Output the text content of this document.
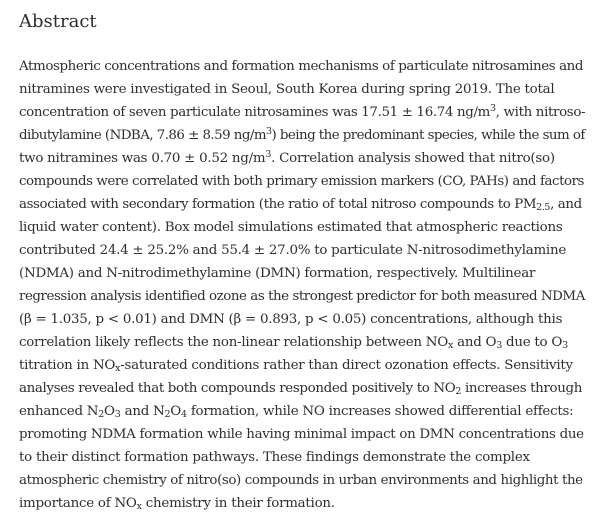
Abstract
Atmospheric concentrations and formation mechanisms of particulate nitrosamines and
nitramines were investigated in Seoul, South Korea during spring 2019. The total
concentration of seven particulate nitrosamines was 17.51 ± 16.74 $ng/m^3$, with nitroso-
dibutylamine (NDBA, 7.86 ± 8.59 $ng/m^3$) being the predominant species, while the sum of
two nitramines was 0.70 ± 0.52 $ng/m^3$. Correlation analysis showed that nitro(so)
compounds were correlated with both primary emission markers (CO, PAHs) and factors
associated with secondary formation (the ratio of total nitroso compounds to $PM_{2.5}$, and
liquid water content). Box model simulations estimated that atmospheric reactions
contributed 24.4 ± 25.2% and 55.4 ± 27.0% to particulate N-nitrosodimethylamine
(NDMA) and N-nitrodimethylamine (DMN) formation, respectively. Multilinear
regression analysis identified ozone as the strongest predictor for both measured NDMA
(β = 1.035, p < 0.01) and DMN (β = 0.893, p < 0.05) concentrations, although this
correlation likely reflects the non-linear relationship between $NO_x$ and $O_3$ due to $O_3$
titration in $NO_x$-saturated conditions rather than direct ozonation effects. Sensitivity
analyses revealed that both compounds responded positively to $NO_2$ increases through
enhanced $N_2O_3$ and $N_2O_4$ formation, while NO increases showed differential effects:
promoting NDMA formation while having minimal impact on DMN concentrations due
to their distinct formation pathways. These findings demonstrate the complex
atmospheric chemistry of nitro(so) compounds in urban environments and highlight the
importance of $NO_x$ chemistry in their formation.
